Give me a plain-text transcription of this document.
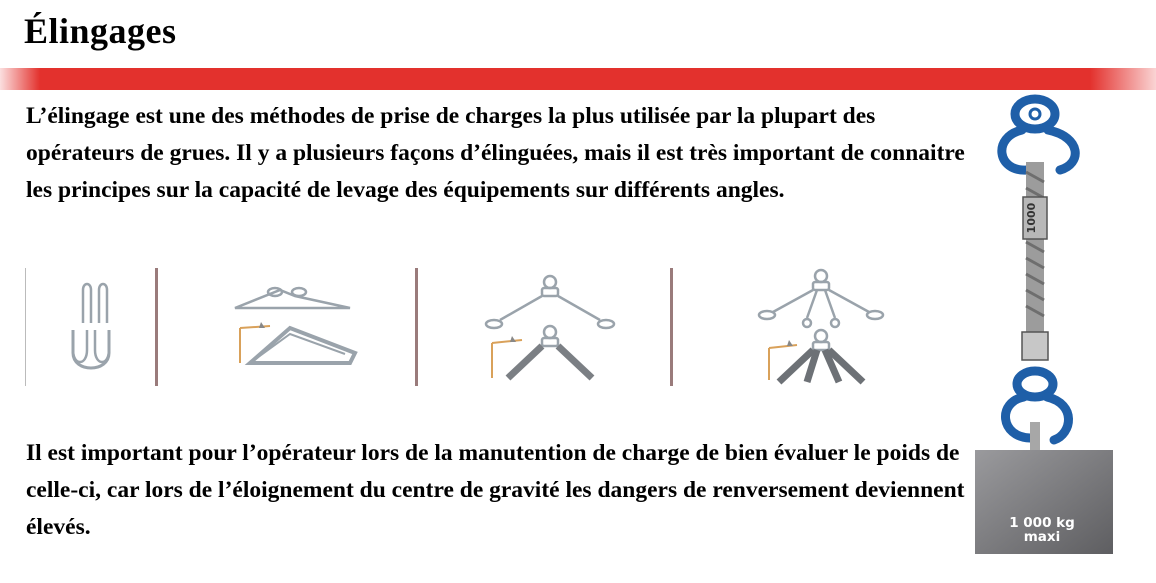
Élingages
L’élingage est une des méthodes de prise de charges la plus utilisée par la plupart des opérateurs de grues. Il y a plusieurs façons d’élinguées, mais il est très important de connaitre les principes sur la capacité de levage des équipements sur différents angles.
Il est important pour l’opérateur lors de la manutention de charge de bien évaluer le poids de celle-ci, car lors de l’éloignement du centre de gravité les dangers de renversement deviennent élevés.
1000
1 000 kg
maxi
